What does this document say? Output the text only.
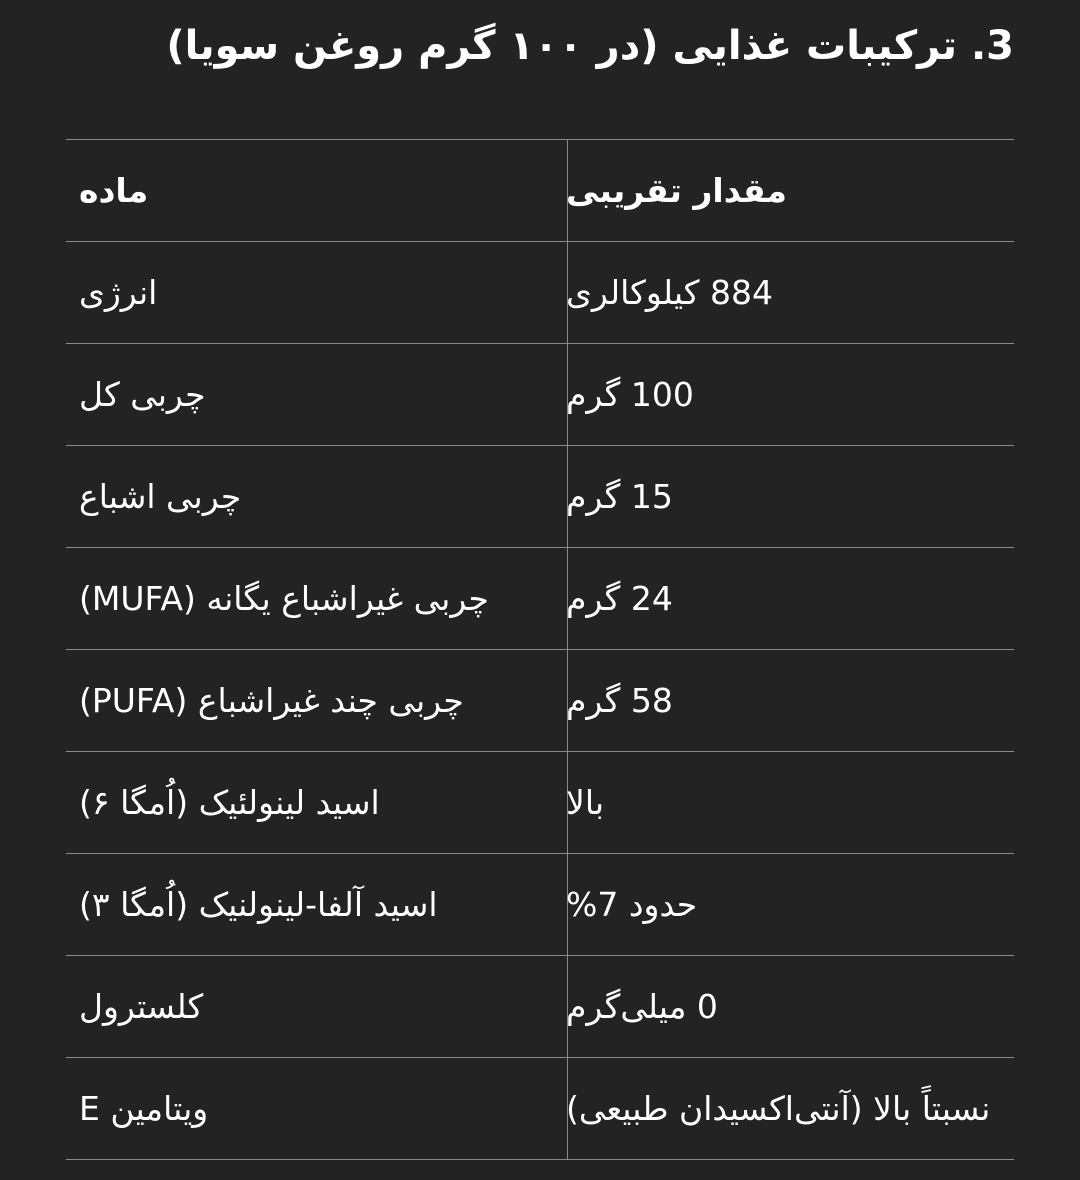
3. ترکیبات غذایی (در ۱۰۰ گرم روغن سویا)
ماده	مقدار تقریبی
انرژی	884 کیلوکالری
چربی کل	100 گرم
چربی اشباع	15 گرم
چربی غیراشباع یگانه (MUFA)	24 گرم
چربی چند غیراشباع (PUFA)	58 گرم
اسید لینولئیک (اُمگا ۶)	بالا
اسید آلفا-لینولنیک (اُمگا ۳)	حدود 7%
کلسترول	0 میلی‌گرم
ویتامین E	نسبتاً بالا (آنتی‌اکسیدان طبیعی)
